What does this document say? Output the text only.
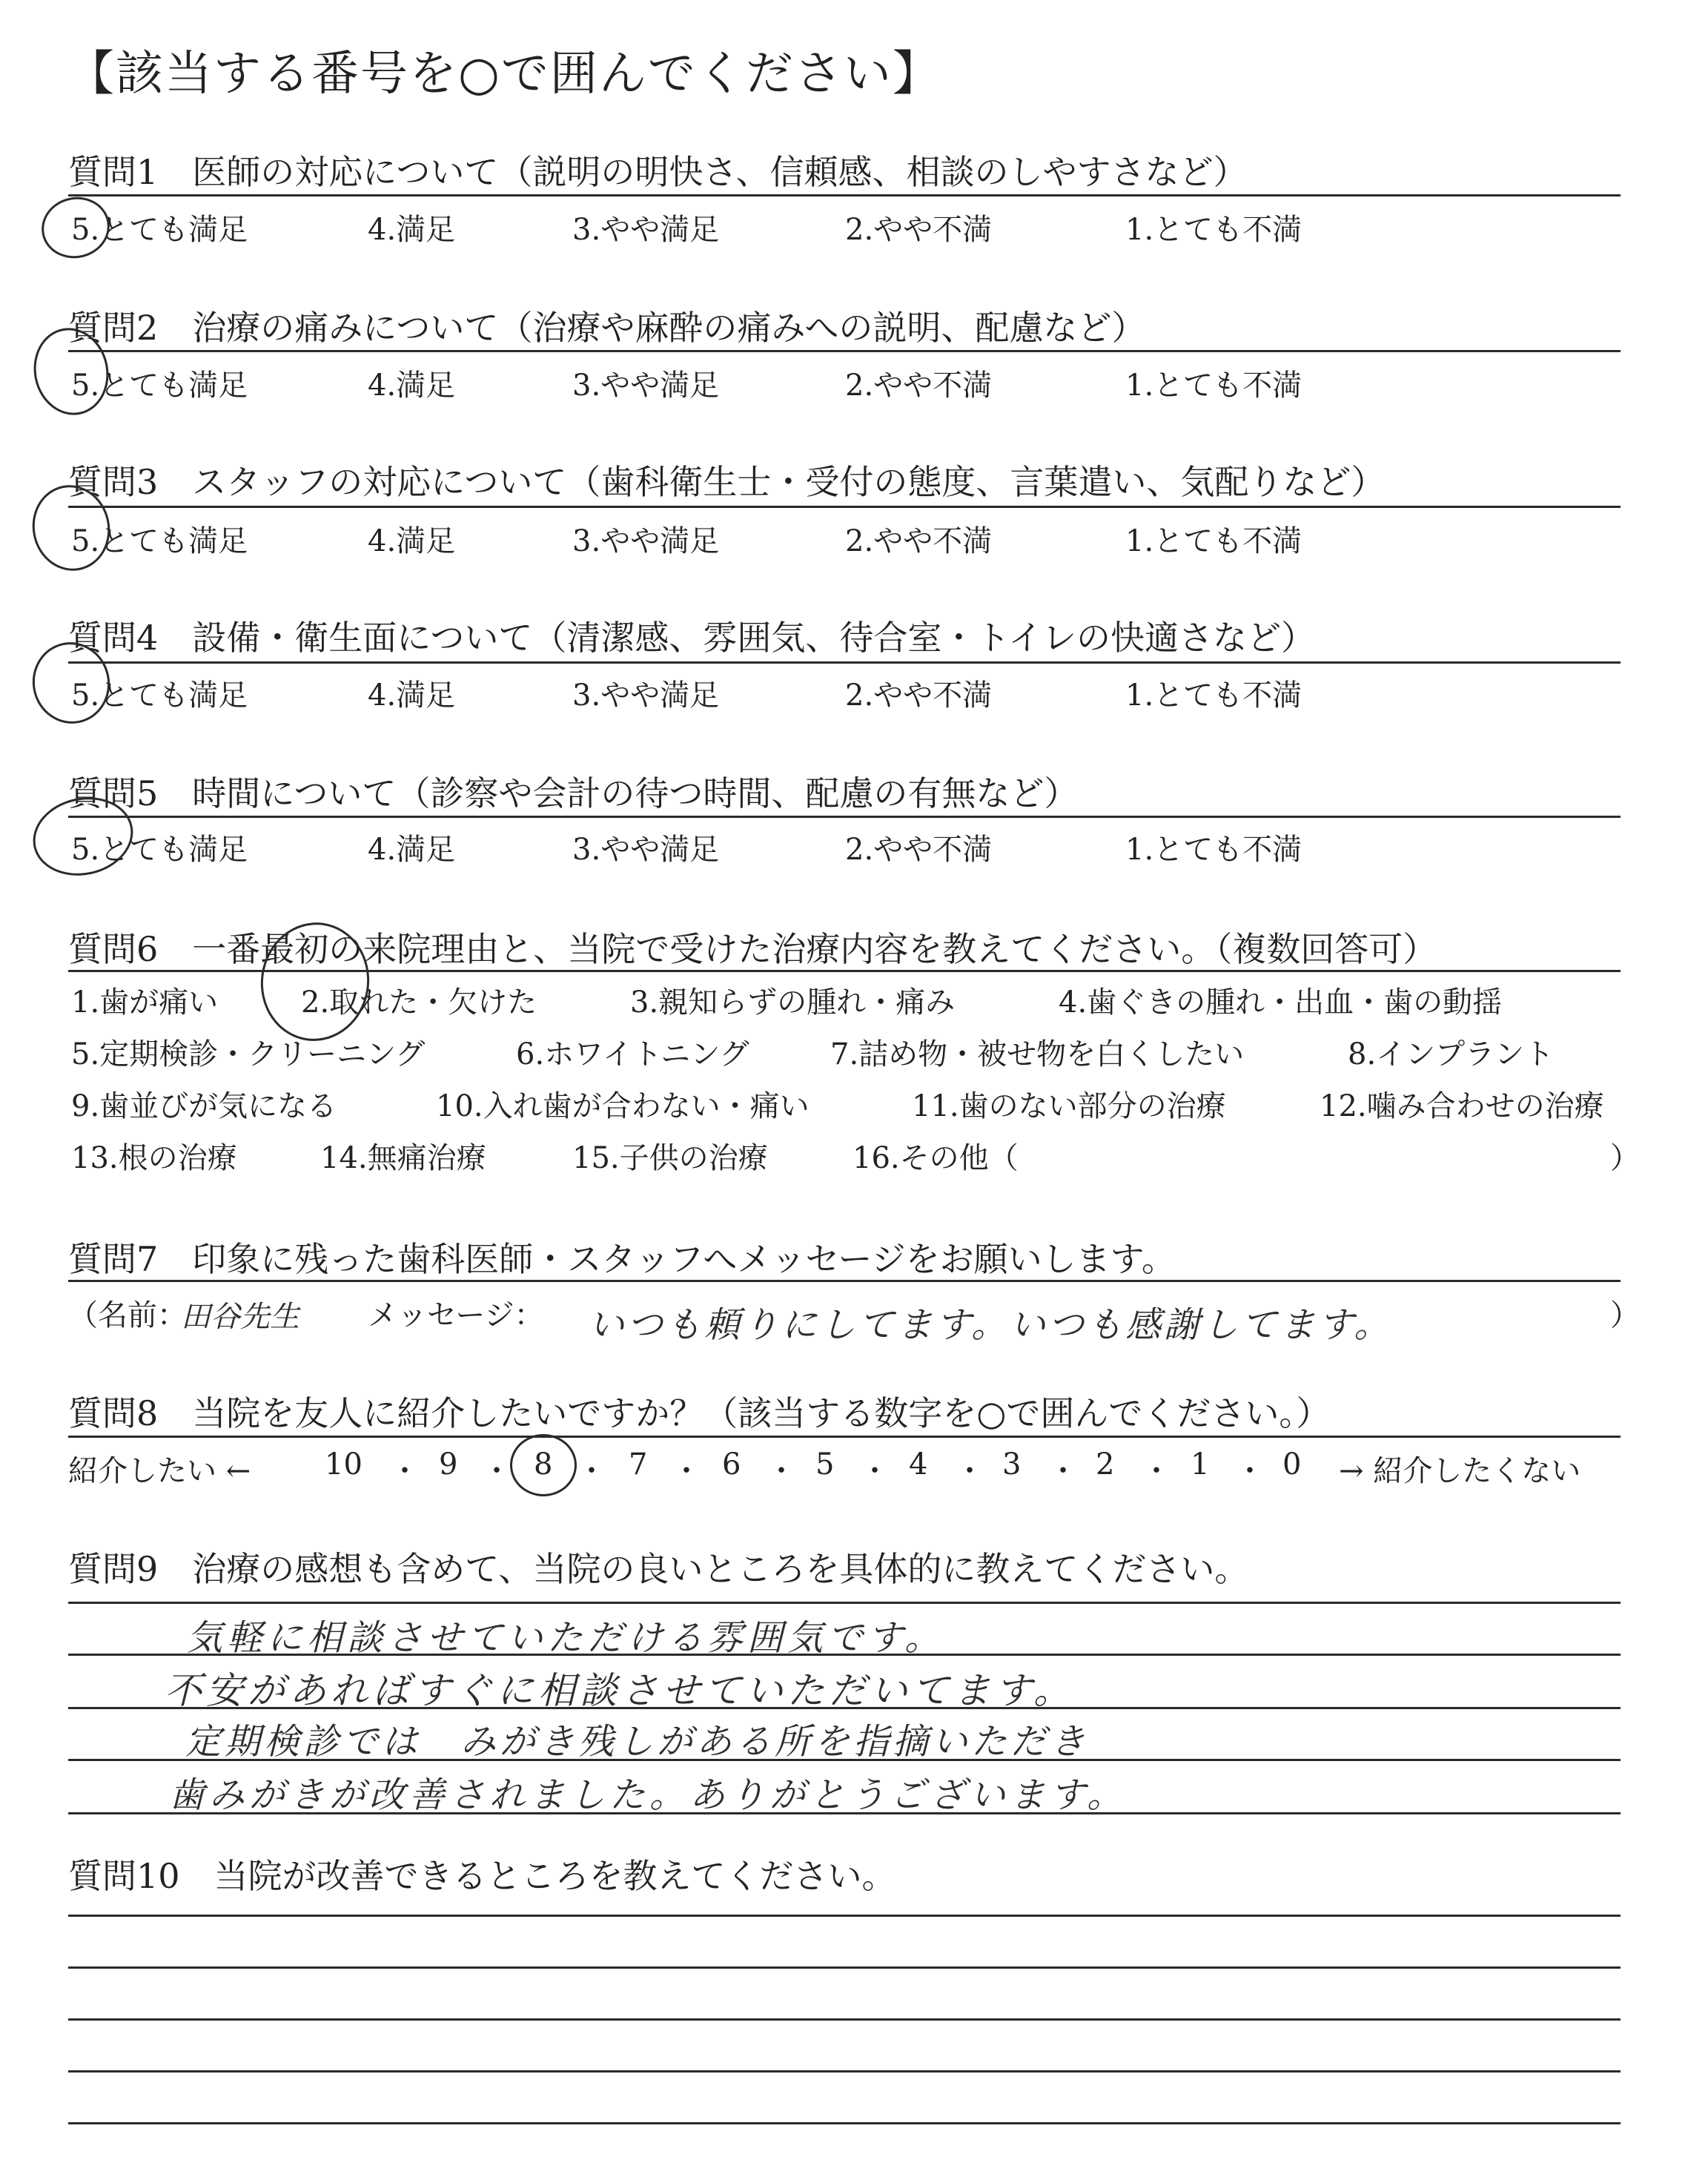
【該当する番号を○で囲んでください】
質問1　医師の対応について（説明の明快さ、信頼感、相談のしやすさなど）
5.とても満足	4.満足	3.やや満足	2.やや不満	1.とても不満
質問2　治療の痛みについて（治療や麻酔の痛みへの説明、配慮など）
5.とても満足	4.満足	3.やや満足	2.やや不満	1.とても不満
質問3　スタッフの対応について（歯科衛生士・受付の態度、言葉遣い、気配りなど）
5.とても満足	4.満足	3.やや満足	2.やや不満	1.とても不満
質問4　設備・衛生面について（清潔感、雰囲気、待合室・トイレの快適さなど）
5.とても満足	4.満足	3.やや満足	2.やや不満	1.とても不満
質問5　時間について（診察や会計の待つ時間、配慮の有無など）
5.とても満足	4.満足	3.やや満足	2.やや不満	1.とても不満
質問6　一番最初の来院理由と、当院で受けた治療内容を教えてください。（複数回答可）
1.歯が痛い	2.取れた・欠けた	3.親知らずの腫れ・痛み	4.歯ぐきの腫れ・出血・歯の動揺
5.定期検診・クリーニング	6.ホワイトニング	7.詰め物・被せ物を白くしたい	8.インプラント
9.歯並びが気になる	10.入れ歯が合わない・痛い	11.歯のない部分の治療	12.噛み合わせの治療
13.根の治療	14.無痛治療	15.子供の治療	16.その他（	）
質問7　印象に残った歯科医師・スタッフへメッセージをお願いします。
（名前：
田谷先生 メッセージ： いつも頼りにしてます。いつも感謝してます。	）
質問8　当院を友人に紹介したいですか？（該当する数字を○で囲んでください。）
紹介したい ← 10 ・ 9 ・ 8 ・ 7 ・ 6 ・ 5 ・ 4 ・ 3 ・ 2 ・ 1 ・ 0 → 紹介したくない
質問9　治療の感想も含めて、当院の良いところを具体的に教えてください。
気軽に相談させていただける雰囲気です。
不安があればすぐに相談させていただいてます。
定期検診では　みがき残しがある所を指摘いただき
歯みがきが改善されました。ありがとうございます。
質問10　当院が改善できるところを教えてください。
